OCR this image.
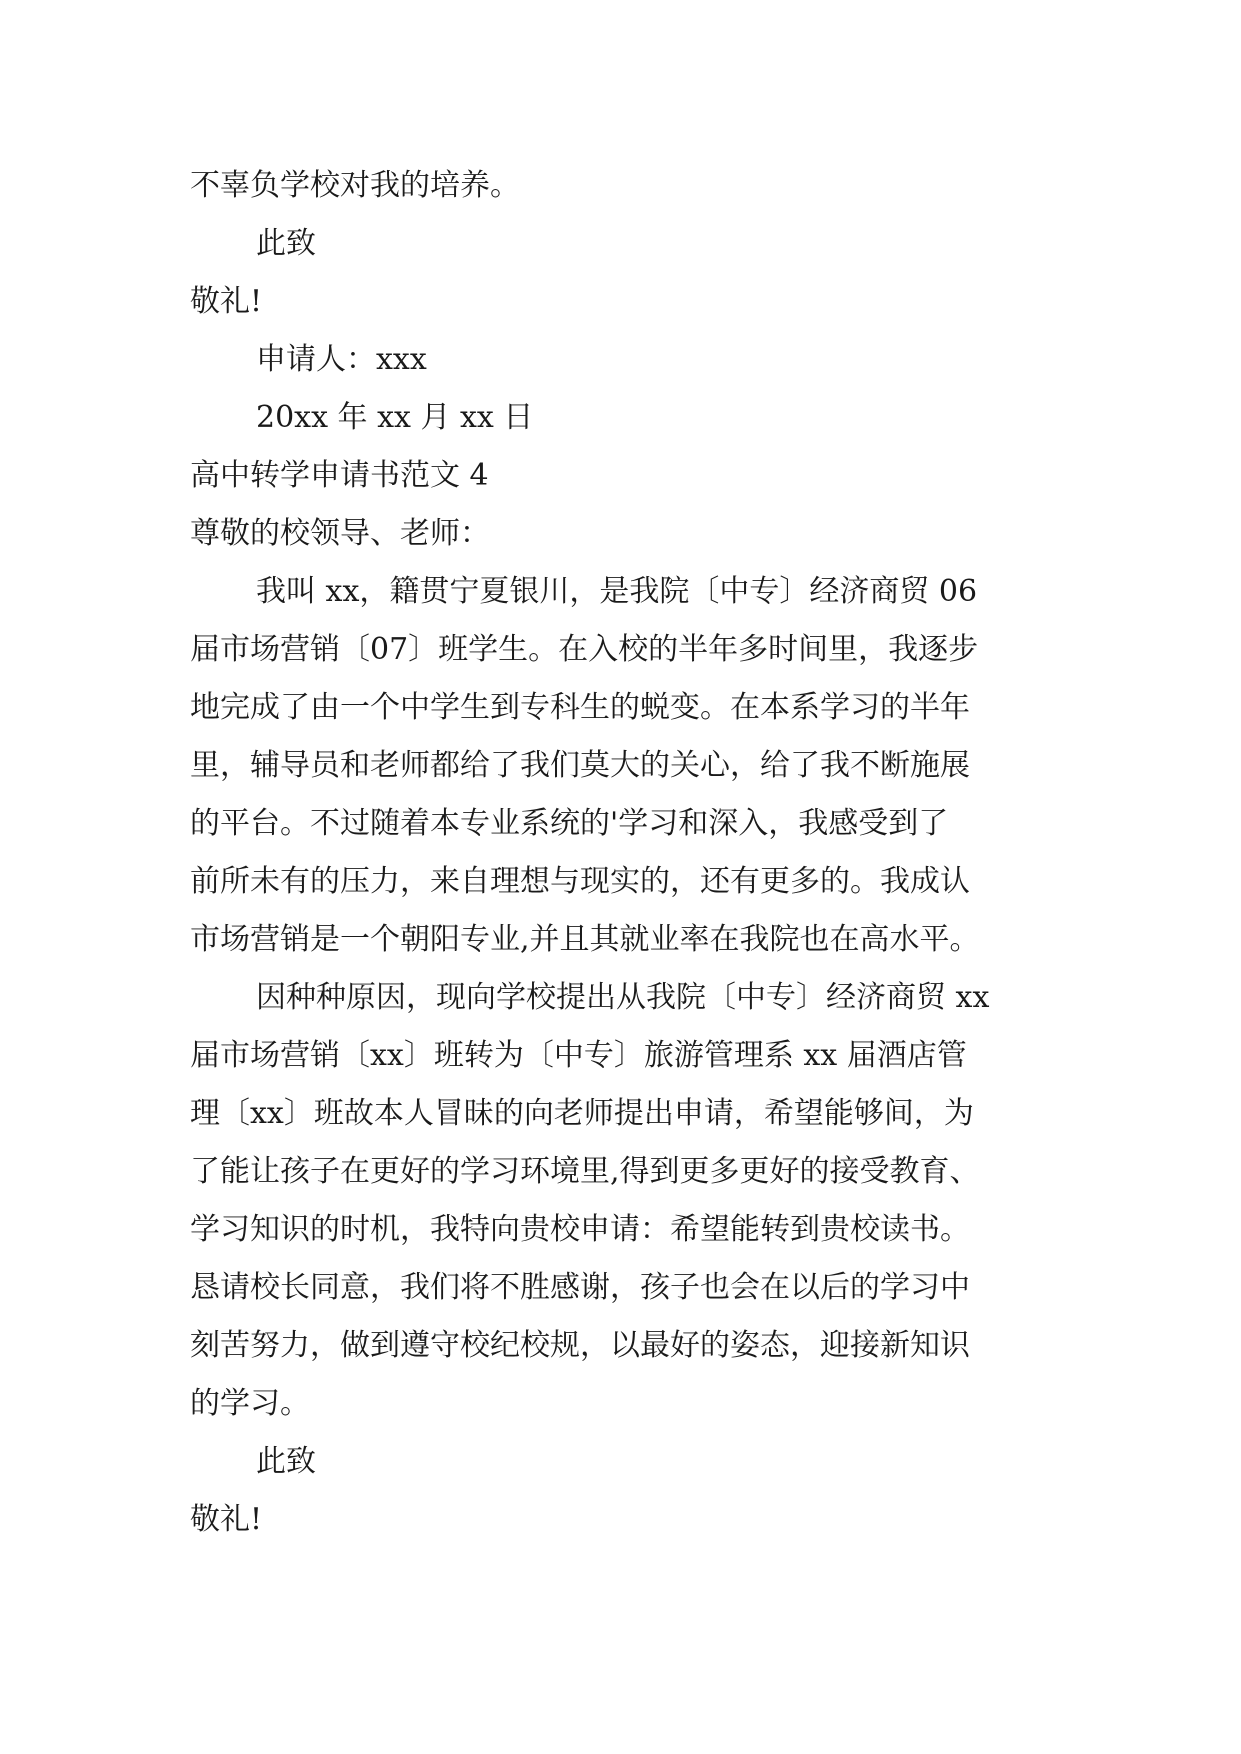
不辜负学校对我的培养。
此致
敬礼!
申请人：xxx
20xx 年 xx 月 xx 日
高中转学申请书范文 4
尊敬的校领导、老师：
我叫 xx，籍贯宁夏银川，是我院〔中专〕经济商贸 06
届市场营销〔07〕班学生。在入校的半年多时间里，我逐步
地完成了由一个中学生到专科生的蜕变。在本系学习的半年
里，辅导员和老师都给了我们莫大的关心，给了我不断施展
的平台。不过随着本专业系统的'学习和深入，我感受到了
前所未有的压力，来自理想与现实的，还有更多的。我成认
市场营销是一个朝阳专业,并且其就业率在我院也在高水平。
因种种原因，现向学校提出从我院〔中专〕经济商贸 xx
届市场营销〔xx〕班转为〔中专〕旅游管理系 xx 届酒店管
理〔xx〕班故本人冒昧的向老师提出申请，希望能够间，为
了能让孩子在更好的学习环境里,得到更多更好的接受教育、
学习知识的时机，我特向贵校申请：希望能转到贵校读书。
恳请校长同意，我们将不胜感谢，孩子也会在以后的学习中
刻苦努力，做到遵守校纪校规，以最好的姿态，迎接新知识
的学习。
此致
敬礼!
